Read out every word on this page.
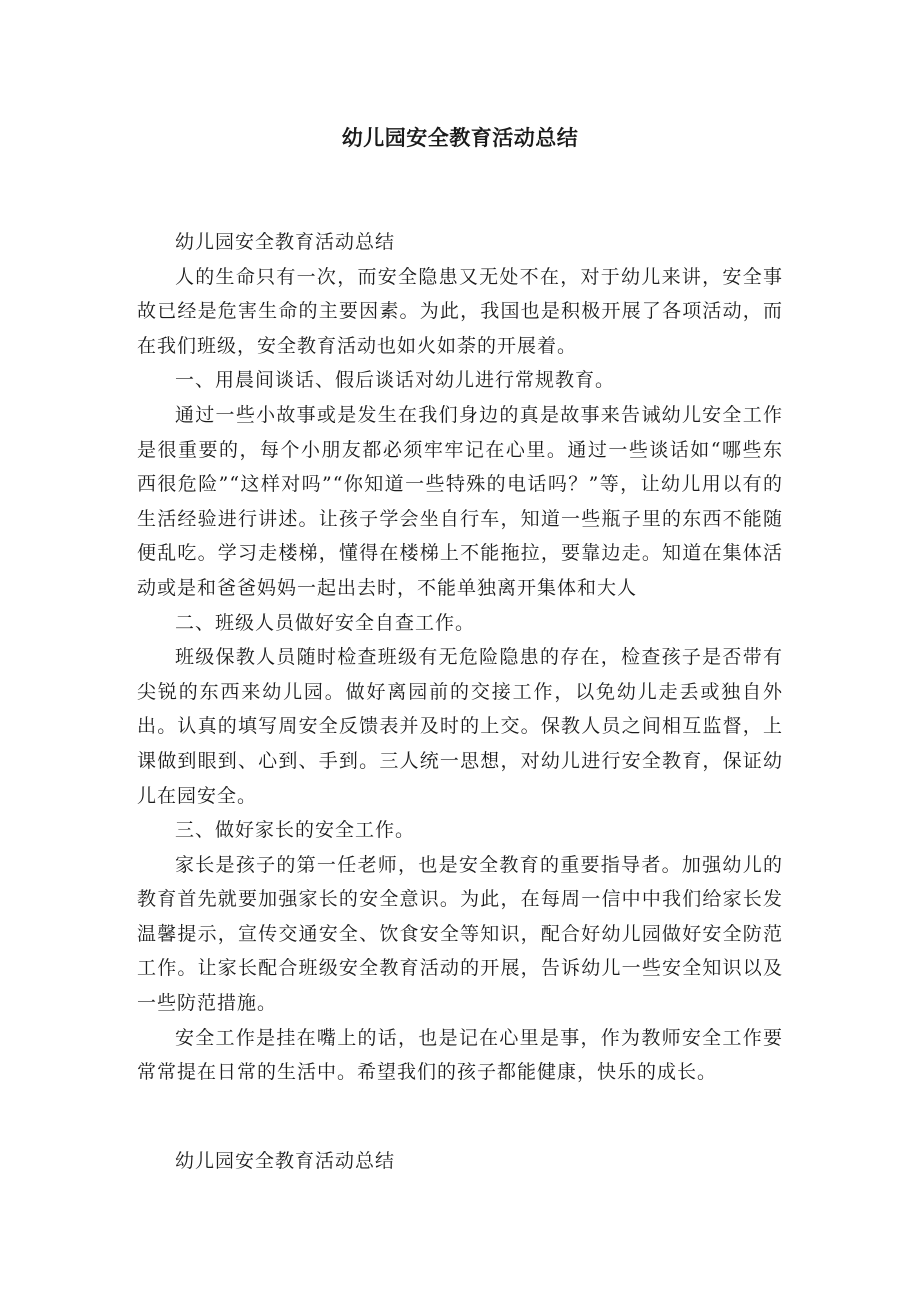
幼儿园安全教育活动总结

幼儿园安全教育活动总结

人的生命只有一次，而安全隐患又无处不在，对于幼儿来讲，安全事故已经是危害生命的主要因素。为此，我国也是积极开展了各项活动，而在我们班级，安全教育活动也如火如荼的开展着。

一、用晨间谈话、假后谈话对幼儿进行常规教育。

通过一些小故事或是发生在我们身边的真是故事来告诫幼儿安全工作是很重要的，每个小朋友都必须牢牢记在心里。通过一些谈话如“哪些东西很危险”“这样对吗”“你知道一些特殊的电话吗？”等，让幼儿用以有的生活经验进行讲述。让孩子学会坐自行车，知道一些瓶子里的东西不能随便乱吃。学习走楼梯，懂得在楼梯上不能拖拉，要靠边走。知道在集体活动或是和爸爸妈妈一起出去时，不能单独离开集体和大人

二、班级人员做好安全自查工作。

班级保教人员随时检查班级有无危险隐患的存在，检查孩子是否带有尖锐的东西来幼儿园。做好离园前的交接工作，以免幼儿走丢或独自外出。认真的填写周安全反馈表并及时的上交。保教人员之间相互监督，上课做到眼到、心到、手到。三人统一思想，对幼儿进行安全教育，保证幼儿在园安全。

三、做好家长的安全工作。

家长是孩子的第一任老师，也是安全教育的重要指导者。加强幼儿的教育首先就要加强家长的安全意识。为此，在每周一信中中我们给家长发温馨提示，宣传交通安全、饮食安全等知识，配合好幼儿园做好安全防范工作。让家长配合班级安全教育活动的开展，告诉幼儿一些安全知识以及一些防范措施。

安全工作是挂在嘴上的话，也是记在心里是事，作为教师安全工作要常常提在日常的生活中。希望我们的孩子都能健康，快乐的成长。

幼儿园安全教育活动总结
